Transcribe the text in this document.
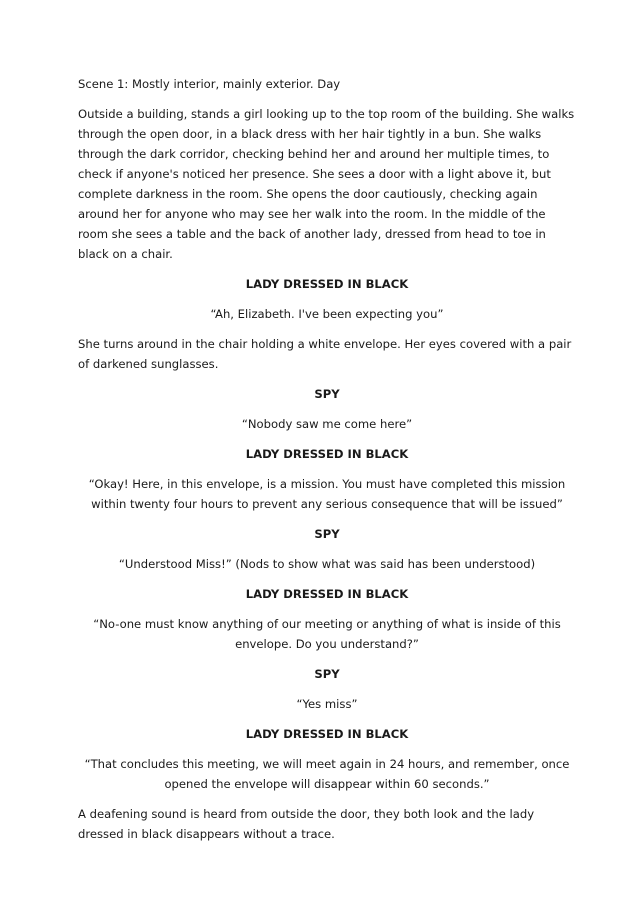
Scene 1: Mostly interior, mainly exterior. Day
Outside a building, stands a girl looking up to the top room of the building. She walks through the open door, in a black dress with her hair tightly in a bun. She walks through the dark corridor, checking behind her and around her multiple times, to check if anyone's noticed her presence. She sees a door with a light above it, but complete darkness in the room. She opens the door cautiously, checking again around her for anyone who may see her walk into the room. In the middle of the room she sees a table and the back of another lady, dressed from head to toe in black on a chair.
LADY DRESSED IN BLACK
“Ah, Elizabeth. I've been expecting you”
She turns around in the chair holding a white envelope. Her eyes covered with a pair of darkened sunglasses.
SPY
“Nobody saw me come here”
LADY DRESSED IN BLACK
“Okay! Here, in this envelope, is a mission. You must have completed this mission within twenty four hours to prevent any serious consequence that will be issued”
SPY
“Understood Miss!” (Nods to show what was said has been understood)
LADY DRESSED IN BLACK
“No-one must know anything of our meeting or anything of what is inside of this envelope. Do you understand?”
SPY
“Yes miss”
LADY DRESSED IN BLACK
“That concludes this meeting, we will meet again in 24 hours, and remember, once opened the envelope will disappear within 60 seconds.”
A deafening sound is heard from outside the door, they both look and the lady dressed in black disappears without a trace.
